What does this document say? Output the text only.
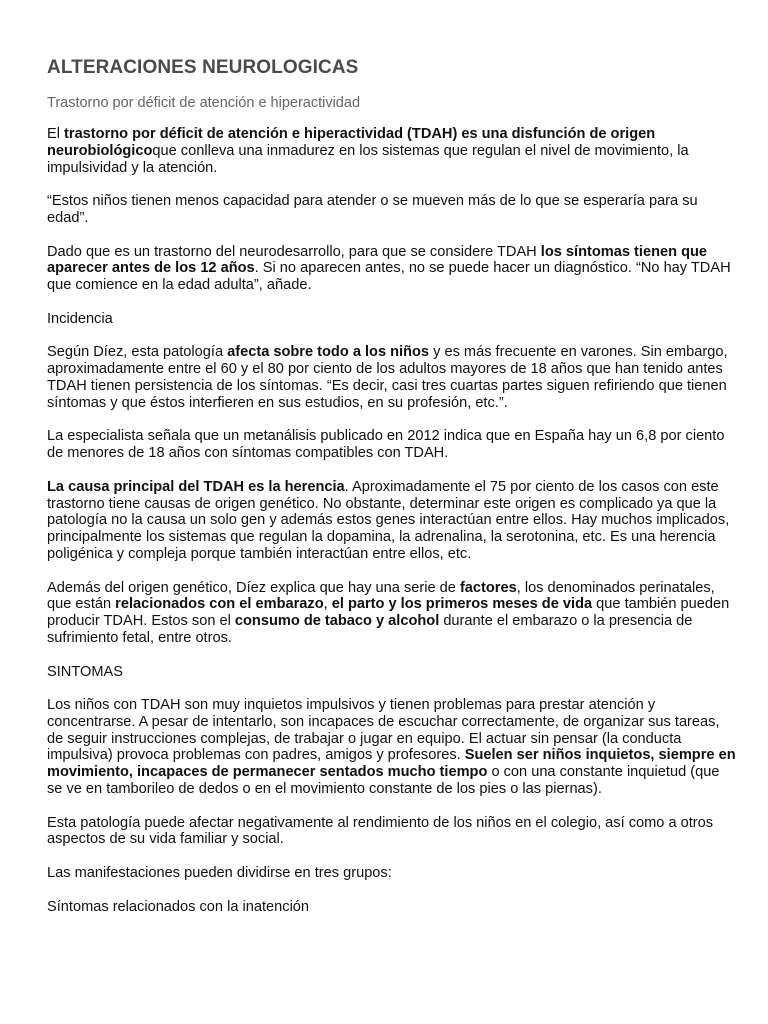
ALTERACIONES NEUROLOGICAS
Trastorno por déficit de atención e hiperactividad

El trastorno por déficit de atención e hiperactividad (TDAH) es una disfunción de origen neurobiológicoque conlleva una inmadurez en los sistemas que regulan el nivel de movimiento, la impulsividad y la atención.

“Estos niños tienen menos capacidad para atender o se mueven más de lo que se esperaría para su edad”.

Dado que es un trastorno del neurodesarrollo, para que se considere TDAH los síntomas tienen que aparecer antes de los 12 años. Si no aparecen antes, no se puede hacer un diagnóstico. “No hay TDAH que comience en la edad adulta”, añade.

Incidencia

Según Díez, esta patología afecta sobre todo a los niños y es más frecuente en varones. Sin embargo, aproximadamente entre el 60 y el 80 por ciento de los adultos mayores de 18 años que han tenido antes TDAH tienen persistencia de los síntomas. “Es decir, casi tres cuartas partes siguen refiriendo que tienen síntomas y que éstos interfieren en sus estudios, en su profesión, etc.”.

La especialista señala que un metanálisis publicado en 2012 indica que en España hay un 6,8 por ciento de menores de 18 años con síntomas compatibles con TDAH.

La causa principal del TDAH es la herencia. Aproximadamente el 75 por ciento de los casos con este trastorno tiene causas de origen genético. No obstante, determinar este origen es complicado ya que la patología no la causa un solo gen y además estos genes interactúan entre ellos. Hay muchos implicados, principalmente los sistemas que regulan la dopamina, la adrenalina, la serotonina, etc. Es una herencia poligénica y compleja porque también interactúan entre ellos, etc.

Además del origen genético, Díez explica que hay una serie de factores, los denominados perinatales, que están relacionados con el embarazo, el parto y los primeros meses de vida que también pueden producir TDAH. Estos son el consumo de tabaco y alcohol durante el embarazo o la presencia de sufrimiento fetal, entre otros.

SINTOMAS

Los niños con TDAH son muy inquietos impulsivos y tienen problemas para prestar atención y concentrarse. A pesar de intentarlo, son incapaces de escuchar correctamente, de organizar sus tareas, de seguir instrucciones complejas, de trabajar o jugar en equipo. El actuar sin pensar (la conducta impulsiva) provoca problemas con padres, amigos y profesores. Suelen ser niños inquietos, siempre en movimiento, incapaces de permanecer sentados mucho tiempo o con una constante inquietud (que se ve en tamborileo de dedos o en el movimiento constante de los pies o las piernas).

Esta patología puede afectar negativamente al rendimiento de los niños en el colegio, así como a otros aspectos de su vida familiar y social.

Las manifestaciones pueden dividirse en tres grupos:

Síntomas relacionados con la inatención
